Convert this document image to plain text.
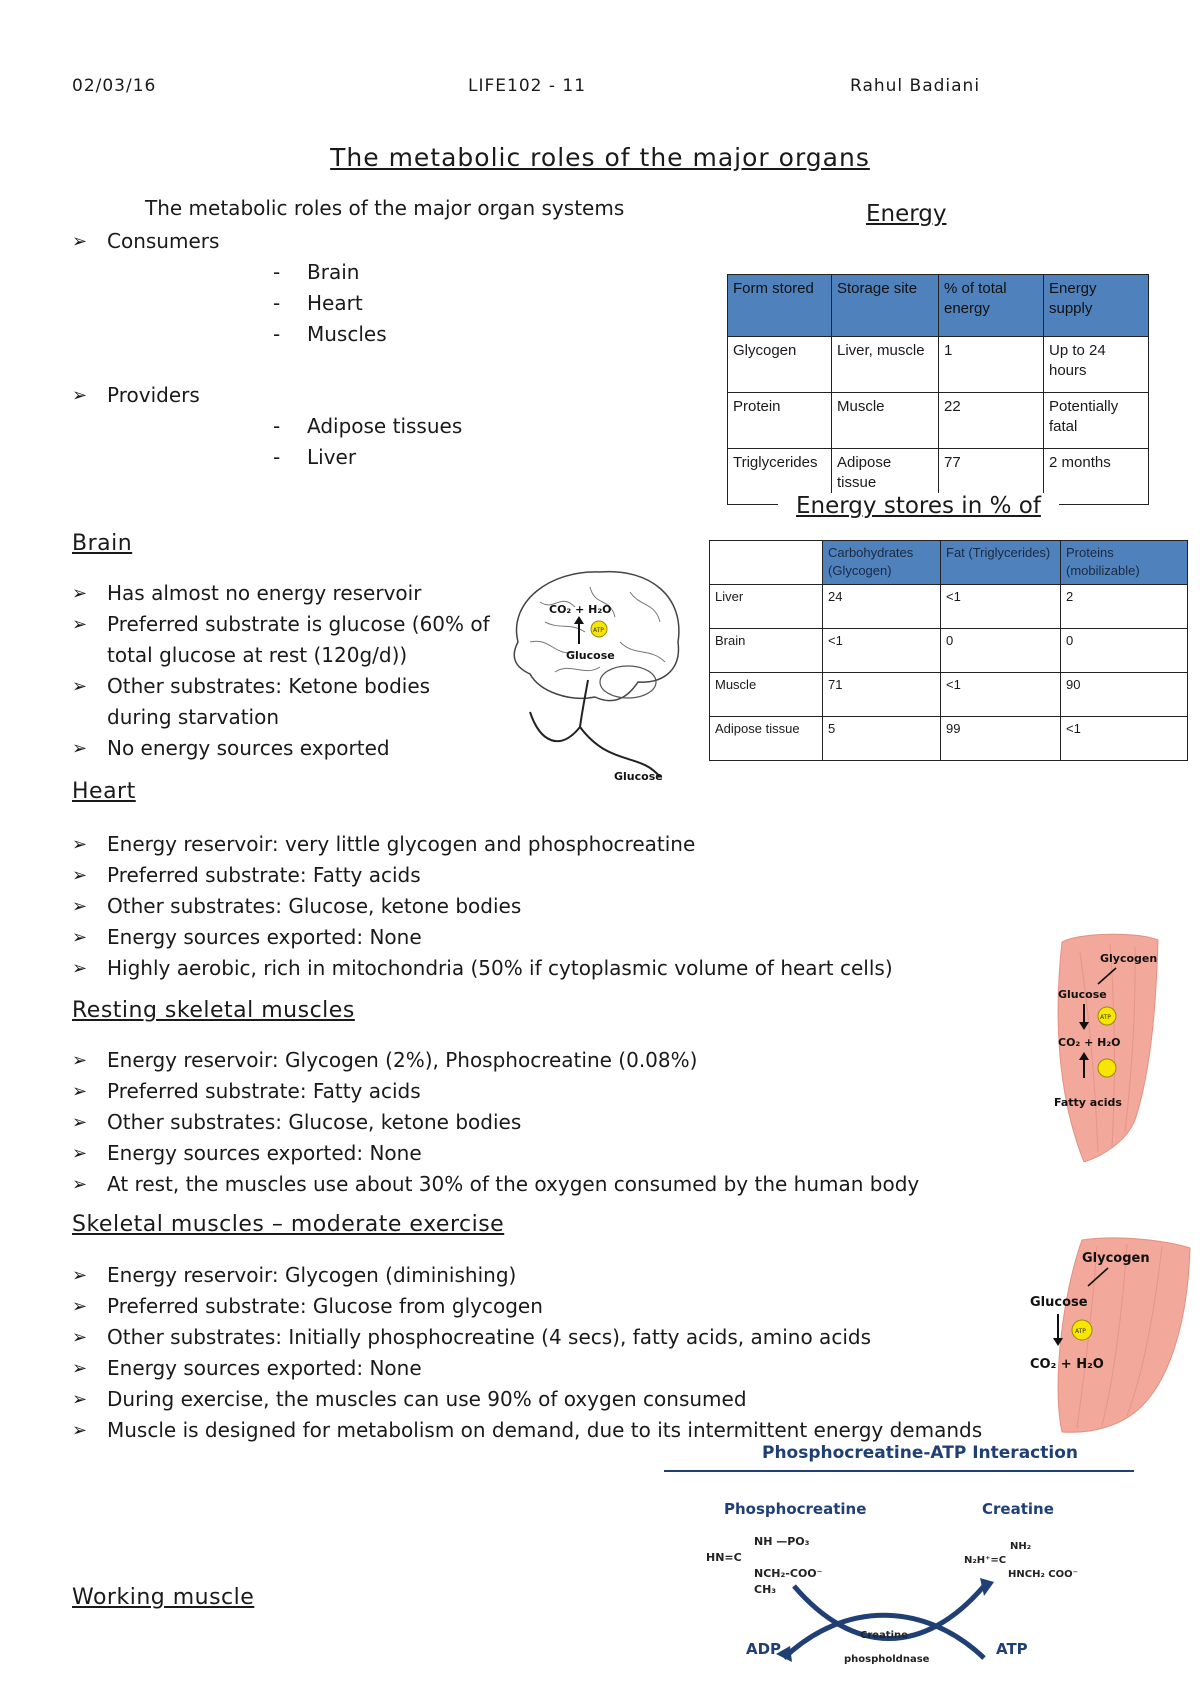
02/03/16	LIFE102 - 11	Rahul Badiani
The metabolic roles of the major organs
The metabolic roles of the major organ systems
➢ Consumers
- Brain
- Heart
- Muscles
➢ Providers
- Adipose tissues
- Liver
Energy
Form stored	Storage site	% of total energy	Energy supply
Glycogen	Liver, muscle	1	Up to 24 hours
Protein	Muscle	22	Potentially fatal
Triglycerides	Adipose tissue	77	2 months
Energy stores in % of
	Carbohydrates (Glycogen)	Fat (Triglycerides)	Proteins (mobilizable)
Liver	24	<1	2
Brain	<1	0	0
Muscle	71	<1	90
Adipose tissue	5	99	<1
Brain
➢ Has almost no energy reservoir
➢ Preferred substrate is glucose (60% of total glucose at rest (120g/d))
➢ Other substrates: Ketone bodies during starvation
➢ No energy sources exported
CO₂ + H₂O
ATP
Glucose
Glucose
Heart
➢ Energy reservoir: very little glycogen and phosphocreatine
➢ Preferred substrate: Fatty acids
➢ Other substrates: Glucose, ketone bodies
➢ Energy sources exported: None
➢ Highly aerobic, rich in mitochondria (50% if cytoplasmic volume of heart cells)
Resting skeletal muscles
➢ Energy reservoir: Glycogen (2%), Phosphocreatine (0.08%)
➢ Preferred substrate: Fatty acids
➢ Other substrates: Glucose, ketone bodies
➢ Energy sources exported: None
➢ At rest, the muscles use about 30% of the oxygen consumed by the human body
Glycogen
Glucose
ATP
CO₂ + H₂O
Fatty acids
Skeletal muscles – moderate exercise
➢ Energy reservoir: Glycogen (diminishing)
➢ Preferred substrate: Glucose from glycogen
➢ Other substrates: Initially phosphocreatine (4 secs), fatty acids, amino acids
➢ Energy sources exported: None
➢ During exercise, the muscles can use 90% of oxygen consumed
➢ Muscle is designed for metabolism on demand, due to its intermittent energy demands
Glycogen
Glucose
ATP
CO₂ + H₂O
Phosphocreatine-ATP Interaction
Phosphocreatine	Creatine
NH —PO₃
HN=C
NCH₂-COO⁻
CH₃
NH₂
N₂H⁺=C
HNCH₂ COO⁻
ADP	ATP
Creatine
phospholdnase
Working muscle
